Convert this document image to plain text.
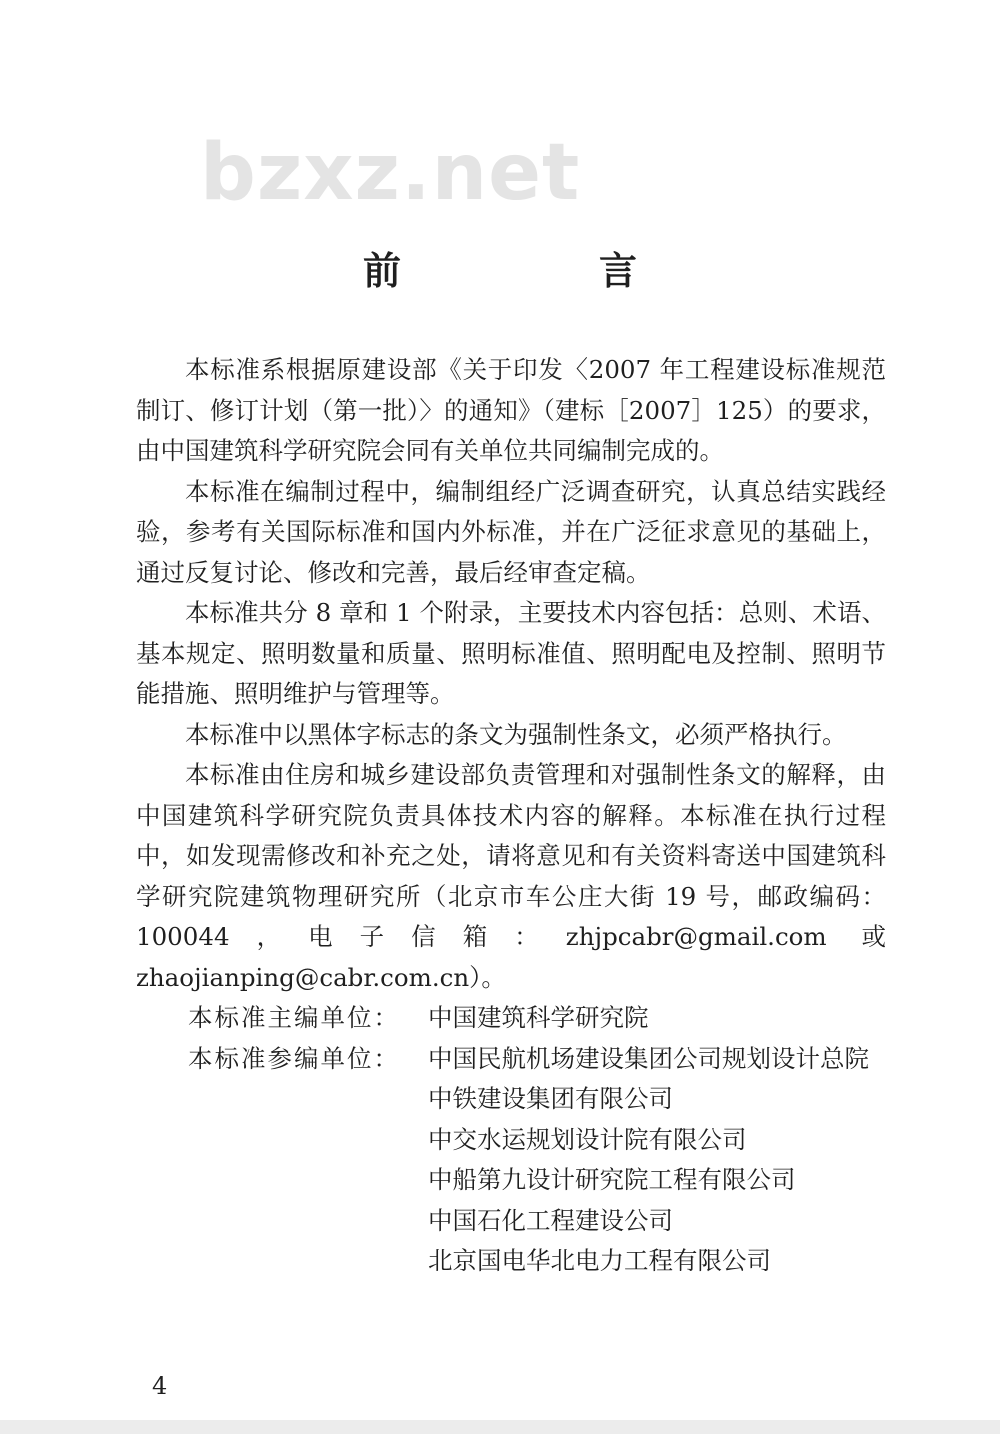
bzxz.net
前　言

本标准系根据原建设部《关于印发〈2007 年工程建设标准规范制订、修订计划（第一批）〉的通知》（建标［2007］125）的要求，由中国建筑科学研究院会同有关单位共同编制完成的。

本标准在编制过程中，编制组经广泛调查研究，认真总结实践经验，参考有关国际标准和国内外标准，并在广泛征求意见的基础上，通过反复讨论、修改和完善，最后经审查定稿。

本标准共分 8 章和 1 个附录，主要技术内容包括：总则、术语、基本规定、照明数量和质量、照明标准值、照明配电及控制、照明节能措施、照明维护与管理等。

本标准中以黑体字标志的条文为强制性条文，必须严格执行。

本标准由住房和城乡建设部负责管理和对强制性条文的解释，由中国建筑科学研究院负责具体技术内容的解释。本标准在执行过程中，如发现需修改和补充之处，请将意见和有关资料寄送中国建筑科学研究院建筑物理研究所（北京市车公庄大街 19 号，邮政编码：100044，电子信箱：zhjpcabr@gmail.com 或 zhaojianping@cabr.com.cn）。

本标准主编单位：	中国建筑科学研究院
本标准参编单位：	中国民航机场建设集团公司规划设计总院
中铁建设集团有限公司
中交水运规划设计院有限公司
中船第九设计研究院工程有限公司
中国石化工程建设公司
北京国电华北电力工程有限公司
4
